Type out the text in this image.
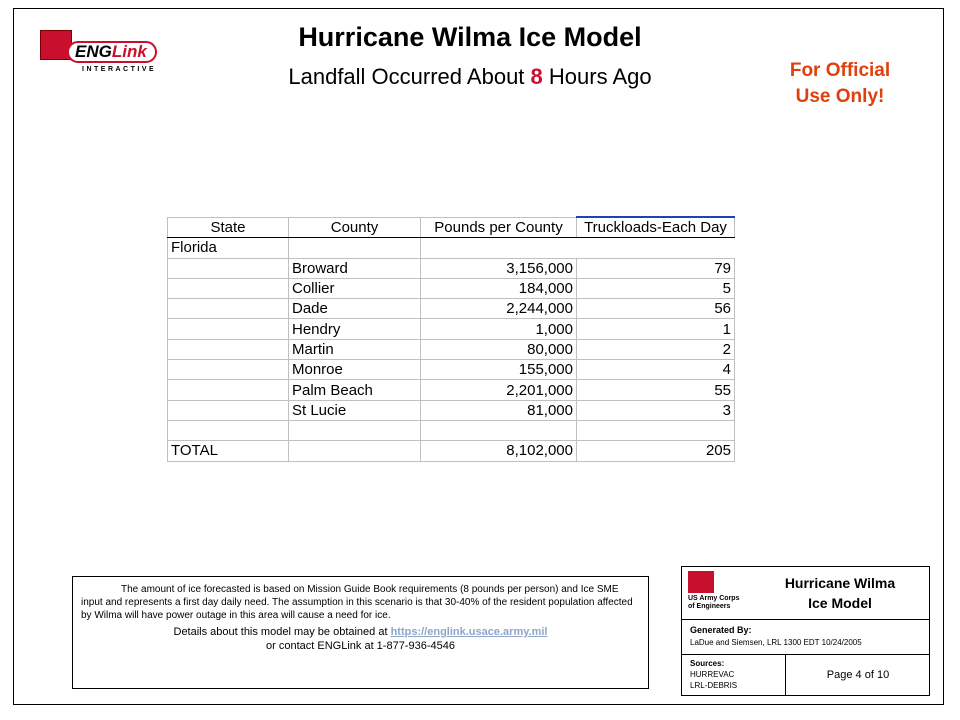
ENGLink
INTERACTIVE
Hurricane Wilma Ice Model
Landfall Occurred About 8 Hours Ago	For Official
Use Only!
State	County	Pounds per County	Truckloads-Each Day
Florida			
	Broward	3,156,000	79
	Collier	184,000	5
	Dade	2,244,000	56
	Hendry	1,000	1
	Martin	80,000	2
	Monroe	155,000	4
	Palm Beach	2,201,000	55
	St Lucie	81,000	3

TOTAL		8,102,000	205
The amount of ice forecasted is based on Mission Guide Book requirements (8 pounds per person) and Ice SME input and represents a first day daily need. The assumption in this scenario is that 30-40% of the resident population affected by Wilma will have power outage in this area will cause a need for ice.
Details about this model may be obtained at https://englink.usace.army.mil
or contact ENGLink at 1-877-936-4546
US Army Corps
of Engineers
Hurricane Wilma
Ice Model
Generated By:
LaDue and Siemsen, LRL 1300 EDT 10/24/2005
Sources:
HURREVAC
LRL-DEBRIS
Page 4 of 10
